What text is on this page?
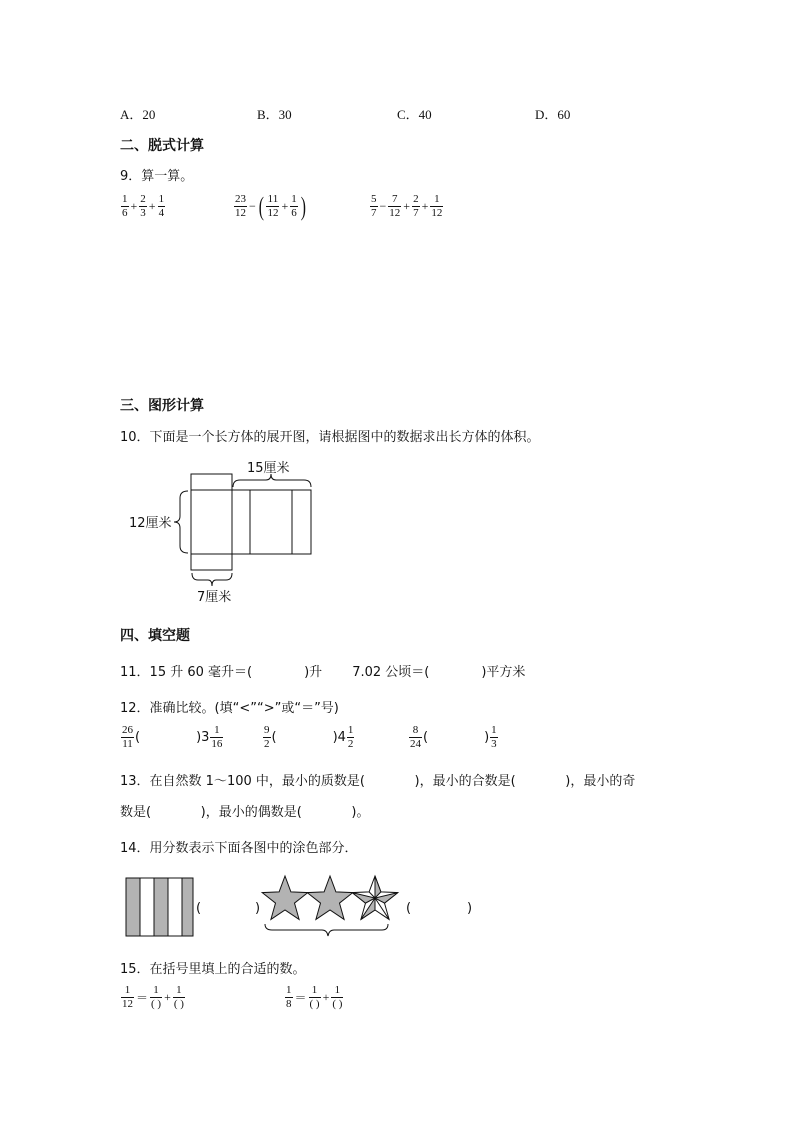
A．20	B．30	C．40	D．60
二、脱式计算
9．算一算。
$\frac{1}{6} + \frac{2}{3} + \frac{1}{4}$	$\frac{23}{12}$ − ( $\frac{11}{12} + \frac{1}{6}$ )	$\frac{5}{7} - \frac{7}{12} + \frac{2}{7} + \frac{1}{12}$
三、图形计算
10．下面是一个长方体的展开图，请根据图中的数据求出长方体的体积。
15厘米
12厘米
7厘米
四、填空题
11．15 升 60 毫升＝(	)升 7.02 公顷＝(	)平方米
12．准确比较。(填“<”“>”或“＝”号)
$\frac{26}{11}$ (	)$3 \frac{1}{16}$	$\frac{9}{2}$ (	)$4 \frac{1}{2}$	$\frac{8}{24}$ (	) $\frac{1}{3}$
13．在自然数 1～100 中，最小的质数是(            )，最小的合数是(            )，最小的奇
数是(            )，最小的偶数是(            )。
14．用分数表示下面各图中的涂色部分．
(	)	(	)
15．在括号里填上的合适的数。
$\frac{1}{12} = \frac{1}{( )} + \frac{1}{( )}$	$\frac{1}{8} = \frac{1}{( )} + \frac{1}{( )}$
